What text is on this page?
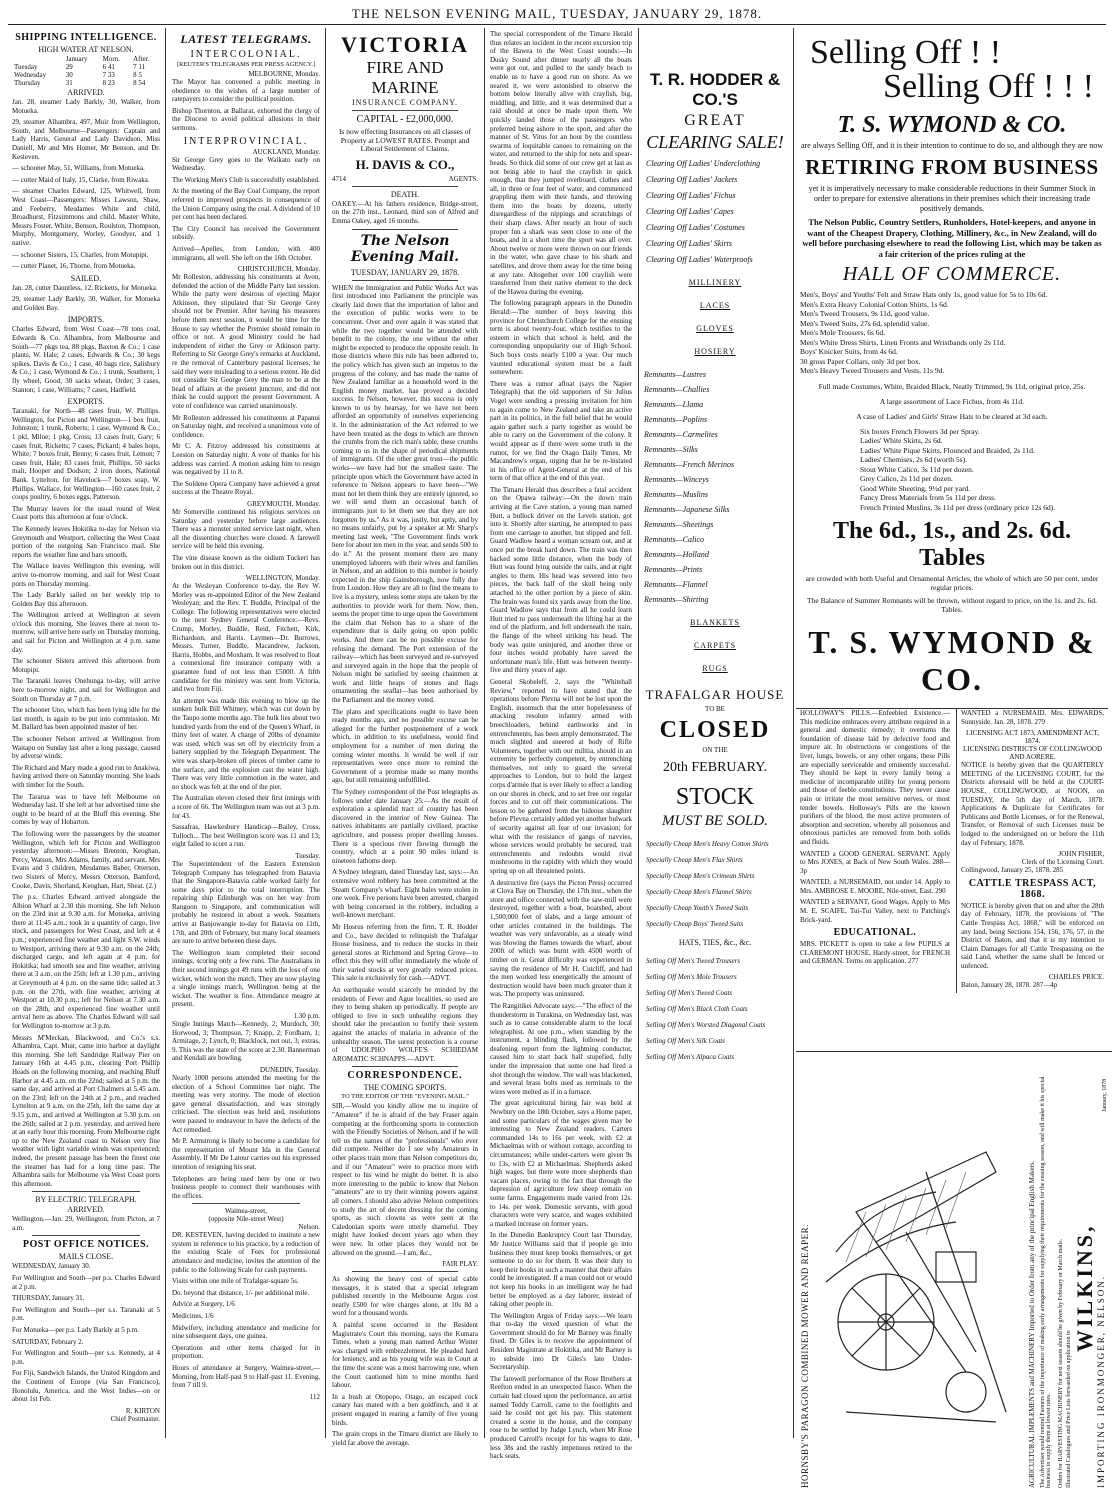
THE NELSON EVENING MAIL, TUESDAY, JANUARY 29, 1878.
SHIPPING INTELLIGENCE.
HIGH WATER AT NELSON.
	January	Morn.	After.
Tuesday	29	6 41	7 11
Wednesday	30	7 33	8 5
Thursday	31	8 23	8 54
ARRIVED.

Jan. 28, steamer Lady Barkly, 30, Walker, from Motueka.

29, steamer Alhambra, 497, Muir from Wellington, South, and Melbourne—Passengers: Captain and Lady Harris, General and Lady Davidson, Miss Daniell, Mr and Mrs Homer, Mr Benson, and Dr. Kesteven.

— schooner May, 51, Williams, from Motueka.

— cutter Maid of Italy, 15, Clarke, from Riwaka.

— steamer Charles Edward, 125, Whitwell, from West Coast—Passengers: Misses Lawson, Shaw, and Feeberry, Mesdames White and child, Broadhurst, Fitzsimmons and child, Master White, Messrs Foster, White, Benson, Roulston, Thompson, Murphy, Montgomery, Worley, Goodyer, and 1 native.

— schooner Sisters, 15, Charles, from Motupipi.

— cutter Planet, 16, Thorne, from Motueka.

SAILED.

Jan. 28, cutter Dauntless, 12, Ricketts, for Motueka.

29, steamer Lady Barkly, 30, Walker, for Motueka and Golden Bay.

IMPORTS.

Charles Edward, from West Coast—78 tons coal, Edwards & Co. Alhambra, from Melbourne and South—77 pkgs tea, 88 pkgs, Baxton & Co.; 1 case plants, W. Hale; 2 cases, Edwards & Co.; 30 kegs spikes, Davis & Co.; 1 case, 40 bags rice, Salisbury & Co.; 1 case, Wymond & Co.; 1 trunk, Southern; 1 fly wheel, Good; 30 sacks wheat, Order; 3 cases, Stanton; 1 case, Williams; 7 cases, Hadfield.

EXPORTS.

Taranaki, for North—48 cases fruit, W. Phillips. Wellington, for Picton and Wellington—1 box fruit, Johnston; 1 trunk, Roberts; 1 case, Wymond & Co.; 1 pkl, Milne; 1 pkg, Cross; 13 cases fruit, Gary; 6 cases fruit, Ricketts; 7 cases, Pickard; 4 bales hops, White; 7 boxes fruit, Benny; 6 cases fruit, Lemon; 7 cases fruit, Hale; 83 cases fruit, Phillips, 50 sacks malt, Hooper and Dodson; 2 iron doors, National Bank. Lyttelton, for Havelock—7 boxes soap, W. Phillips. Wallace, for Wellington—160 cases fruit, 2 coops poultry, 6 boxes eggs, Patterson.

The Murray leaves for the usual round of West Coast ports this afternoon at four o'clock.

The Kennedy leaves Hokitika to-day for Nelson via Greymouth and Westport, collecting the West Coast portion of the outgoing San Francisco mail. She reports the weather fine and bars smooth.

The Wallace leaves Wellington this evening, will arrive to-morrow morning, and sail for West Coast ports on Thursday morning.

The Lady Barkly sailed on her weekly trip to Golden Bay this afternoon.

The Wellington arrived at Wellington at seven o'clock this morning. She leaves there at noon to-morrow, will arrive here early on Thursday morning, and sail for Picton and Wellington at 4 p.m. same day.

The schooner Sisters arrived this afternoon from Motupipi.

The Taranaki leaves Onehunga to-day, will arrive here to-morrow night, and sail for Wellington and South on Thursday at 7 p.m.

The schooner Uno, which has been lying idle for the last month, is again to be put into commission. Mr M. Ballard has been appointed master of her.

The schooner Nelson arrived at Wellington from Waitapu on Sunday last after a long passage, caused by adverse winds.

The Richard and Mary made a good run to Anakiwa, having arrived there on Saturday morning. She loads with timber for the South.

The Tararua was to have left Melbourne on Wednesday last. If she left at her advertised time she ought to be heard of at the Bluff this evening. She comes by way of Hobarton.

The following were the passengers by the steamer Wellington, which left for Picton and Wellington yesterday afternoon:—Misses Brenton, Keoghan, Percy, Watson, Mrs Adams, family, and servant, Mrs Evans and 3 children, Mesdames Baber, Otterson, two Sisters of Mercy, Messrs Otterson, Bamford, Cooke, Davis, Shorland, Keoghan, Hart, Sheat. (2.)

The p.s. Charles Edward arrived alongside the Albion Wharf at 2.30 this morning. She left Nelson on the 23rd inst at 9.30 a.m. for Motueka, arriving there at 11:45 a.m.; took in a quantity of cargo, live stock, and passengers for West Coast, and left at 4 p.m.; experienced fine weather and light S.W. winds to Westport, arriving there at 9.30 a.m. on the 24th; discharged cargo, and left again at 4 p.m. for Hokitika; had smooth sea and fine weather, arriving there at 3 a.m. on the 25th; left at 1.30 p.m., arriving at Greymouth at 4 p.m. on the same tide; sailed at 3 p.m. on the 27th, with fine weather, arriving at Westport at 10.30 p.m.; left for Nelson at 7.30 a.m. on the 28th, and experienced fine weather until arrival here as above. The Charles Edward will sail for Wellington to-morrow at 3 p.m.

Messrs M'Meckan, Blackwood, and Co.'s s.s. Alhambra, Capt. Muir, came into harbor at daylight this morning. She left Sandridge Railway Pier on January 16th at 4.45 p.m., clearing Port Phillip Heads on the following morning, and reaching Bluff Harbor at 4.45 a.m. on the 22nd; sailed at 5 p.m. the same day, and arrived at Port Chalmers at 5.45 a.m. on the 23rd; left on the 24th at 2 p.m., and reached Lyttelton at 9 a.m. on the 25th, left the same day at 9.15 p.m., and arrived at Wellington at 5.30 p.m. on the 26th; sailed at 2 p.m. yesterday, and arrived here at an early hour this morning. From Melbourne right up to the New Zealand coast to Nelson very fine weather with light variable winds was experienced; indeed, the present passage has been the finest one the steamer has had for a long time past. The Alhambra sails for Melbourne via West Coast ports this afternoon.

BY ELECTRIC TELEGRAPH.
ARRIVED.

Wellington.—Jan. 29, Wellington, from Picton, at 7 a.m.

POST OFFICE NOTICES.
MAILS CLOSE.

WEDNESDAY, January 30.

For Wellington and South—per p.s. Charles Edward at 2 p.m.

THURSDAY, January 31.

For Wellington and South—per s.s. Taranaki at 5 p.m.

For Motueka—per p.s. Lady Barkly at 5 p.m.

SATURDAY, February 2.

For Wellington and South—per s.s. Kennedy, at 4 p.m.

For Fiji, Sandwich Islands, the United Kingdom and the Continent of Europe (via San Francisco), Honolulu, America, and the West Indies—on or about 1st Feb.

R. KIRTON
Chief Postmaster.
LATEST TELEGRAMS.
INTERCOLONIAL.
[REUTER'S TELEGRAMS PER PRESS AGENCY.]
MELBOURNE, Monday.

The Mayor has convened a public meeting in obedience to the wishes of a large number of ratepayers to consider the political position.

Bishop Thornton, at Ballarat, exhorted the clergy of the Diocese to avoid political allusions in their sermons.

INTERPROVINCIAL.
AUCKLAND, Monday.

Sir George Grey goes to the Waikato early on Wednesday.

The Working Men's Club is successfully established.

At the meeting of the Bay Coal Company, the report referred to improved prospects in consequence of the Union Company using the coal. A dividend of 10 per cent has been declared.

The City Council has received the Government subsidy.

Arrived—Apelles, from London, with 400 immigrants, all well. She left on the 16th October.

CHRISTCHURCH, Monday.

Mr Rolleston, addressing his constituents at Avon, defended the action of the Middle Party last session. While the party were desirous of ejecting Major Atkinson, they stipulated that Sir George Grey should not be Premier. After having his measures before them next session, it would be time for the House to say whether the Premier should remain in office or not. A good Ministry could be had independent of either the Grey or Atkinson party. Referring to Sir George Grey's remarks at Auckland, re the removal of Canterbury pastoral licenses, he said they were misleading to a serious extent. He did not consider Sir George Grey the man to be at the head of affairs at the present juncture, and did not think he could support the present Government. A vote of confidence was carried unanimously.

Mr Rolleston addressed his constituents at Papanui on Saturday night, and received a unanimous vote of confidence.

Mr C. A. Fitzroy addressed his constituents at Leeston on Saturday night. A vote of thanks for his address was carried. A motion asking him to resign was negatived by 11 to 8.

The Soldene Opera Company have achieved a great success at the Theatre Royal.

GREYMOUTH, Monday.

Mr Somerville continued his religious services on Saturday and yesterday before large audiences. There was a monster united service last night, when all the dissenting churches were closed. A farewell service will be held this evening.

The vine disease known as the oidium Tuckeri has broken out in this district.

WELLINGTON, Monday.

At the Wesleyan Conference to-day, the Rev W. Morley was re-appointed Editor of the New Zealand Wesleyan; and the Rev. T. Buddle, Principal of the College. The following representatives were elected to the next Sydney General Conference:—Revs. Crump, Morley, Buddle, Reid, Fitchett, Kirk, Richardson, and Harris. Laymen—Dr. Burrows, Messrs. Turner, Buddle, Macandrew, Jackson, Harris, Hobbs, and Moxham. It was resolved to float a connexional fire insurance company with a guarantee fund of not less than £5000. A fifth candidate for the ministry was sent from Victoria, and two from Fiji.

An attempt was made this evening to blow up the sunken hulk Bill Whitney, which was cut down by the Taupo some months ago. The hulk lies about two hundred yards from the end of the Queen's Wharf, in thirty feet of water. A charge of 20lbs of dynamite was used, which was set off by electricity from a battery supplied by the Telegraph Department. The wire was sharp-broken off pieces of timber came to the surface, and the explosion cast the water high. There was very little commotion in the water, and no shock was felt at the end of the pier.

The Australian eleven closed their first innings with a score of 66. The Wellington team was out at 3 p.m. for 43.

Sassafras, Hawkesbury Handicap—Bailey, Cross, Tulloch... The best Wellington score was 11 and 13; eight failed to score a run.

Tuesday.

The Superintendent of the Eastern Extension Telegraph Company has telegraphed from Batavia that the Singapore-Batavia cable worked fairly for some days prior to the total interruption. The repairing ship Edinburgh was on her way from Rangoon to Singapore, and communication will probably be restored in about a week. Steamers arrive at Banjowangie to-day for Batavia on 11th, 17th, and 20th of February, but many local steamers are sure to arrive between these days.

The Wellington team completed their second innings, scoring only a few runs. The Australians in their second innings got 49 runs with the loss of one wicket, which won the match. They are now playing a single innings match, Wellington being at the wicket. The weather is fine. Attendance meagre at present.

1.30 p.m.

Single Innings Match—Kennedy, 2; Murdoch, 30; Horwood, 3; Thompson, 7; Knapp, 2; Fordham, 1; Armitage, 2; Lynch, 0; Blacklock, not out, 3; extras, 9. This was the state of the score at 2.30. Bannerman and Kendall are bowling.

DUNEDIN, Tuesday.

Nearly 1000 persons attended the meeting for the election of a School Committee last night. The meeting was very stormy. The mode of election gave general dissatisfaction, and was strongly criticised. The election was held and, resolutions were passed to endeavour to have the defects of the Act remedied.

Mr P. Armstrong is likely to become a candidate for the representation of Mount Ida in the General Assembly. If Mr De Latour carries out his expressed intention of resigning his seat.

Telephones are being used here by one or two business people to connect their warehouses with the offices.

Waimea-street,
(opposite Nile-street West)
Nelson.

DR. KESTEVEN, having decided to institute a new system in reference to his practice, by a reduction of the existing Scale of Fees for professional attendance and medicine, invites the attention of the public to the following Scale for cash payments.

Visits within one mile of Trafalgar-square 5s.

Do. beyond that distance, 1/- per additional mile.

Advice at Surgery, 1/6

Medicines, 1/6

Midwifery, including attendance and medicine for nine subsequent days, one guinea.

Operations and other items charged for in proportion.

Hours of attendance at Surgery, Waimea-street,—Morning, from Half-past 9 to Half-past 11. Evening, from 7 till 9.

112
VICTORIA
FIRE AND MARINE
INSURANCE COMPANY.
CAPITAL - £2,000,000.

Is now effecting Insurances on all classes of Property at LOWEST RATES. Prompt and Liberal Settlement of Claims.

H. DAVIS & CO.,
4714	AGENTS.
DEATH.

OAKEY.—At his fathers residence, Bridge-street, on the 27th inst., Leonard, third son of Alfred and Emma Oakey, aged 16 months.

The Nelson Evening Mail.
TUESDAY, JANUARY 29, 1878.

WHEN the Immigration and Public Works Act was first introduced into Parliament the principle was clearly laid down that the importation of labor and the execution of public works were to be concurrent. Over and over again it was stated that while the two together would be attended with benefit to the colony, the one without the other might be expected to produce the opposite result. In those districts where this rule has been adhered to, the policy which has given such an impetus to the progress of the colony, and has made the name of New Zealand familiar as a household word in the English money market, has proved a decided success. In Nelson, however, this success is only known to us by hearsay, for we have not been afforded an opportunity of ourselves experiencing it. In the administration of the Act referred to we have been treated as the dogs to which are thrown the crumbs from the rich man's table, these crumbs coming to us in the shape of periodical shipments of immigrants. Of the other great trust—the public works—we have had but the smallest taste. The principle upon which the Government have acted in reference to Nelson appears to have been—"We must not let them think they are entirely ignored, so we will send them an occasional batch of immigrants just to let them see that they are not forgotten by us." As it was, justly, but aptly, and by no means unfairly, put by a speaker at Mr Sharp's meeting last week, "The Government finds work here for about ten men in the year, and sends 500 to do it." At the present moment there are many unemployed laborers with their wives and families in Nelson, and an addition to this number is hourly expected in the ship Gainsborough, now fully due from London. How they are all to find the means to live is a mystery, unless some steps are taken by the authorities to provide work for them. Now, then, seems the proper time to urge upon the Government the claim that Nelson has to a share of the expenditure that is daily going on upon public works. And there can be no possible excuse for refusing the demand. The Port extension of the railway—which has been surveyed and re-surveyed and surveyed again in the hope that the people of Nelson might be satisfied by seeing chainmen at work and little heaps of stones and flags ornamenting the seaflat—has been authorised by the Parliament and the money voted.

The plans and specifications ought to have been ready months ago, and no possible excuse can be alleged for the further postponement of a work which, in addition to its usefulness, would find employment for a number of men during the coming winter months. It would be well if our representatives were once more to remind the Government of a promise made so many months ago, but still remaining unfulfilled.

The Sydney correspondent of the Post telegraphs as follows under date January 25:—As the result of exploration a splendid tract of country has been discovered in the interior of New Guinea. The natives inhabitants are partially civilised, practise agriculture, and possess proper dwelling houses. There is a specious river flowing through the country, which at a point 90 miles inland is nineteen fathoms deep.

A Sydney telegram, dated Thursday last, says:—An extensive wool robbery has been committed at the Steam Company's wharf. Eight bales were stolen in one week. Five persons have been arrested, charged with being concerned in the robbery, including a well-known merchant.

Mr Hosrus referring from the firm, T. R. Hodder and Co., have decided to relinquish the Trafalgar House business, and to reduce the stocks in their general stores at Richmond and Spring Grove—to effect this they will offer immediately the whole of their varied stocks at very greatly reduced prices. This sale is exclusively for cash.—ADVT.

An earthquake would scarcely be minded by the residents of Fever and Ague localities, so used are they to being shaken up periodically. If people are obliged to live in such unhealthy regions they should take the precaution to fortify their system against the attacks of malaria in advance of the unhealthy season. The surest protection is a course of UDOLPHO WOLFE'S SCHIEDAM AROMATIC SCHNAPPS.—ADVT.

CORRESPONDENCE.
THE COMING SPORTS.
TO THE EDITOR OF THE "EVENING MAIL."

SIR,—Would you kindly allow me to inquire of "Amateur" if he is afraid of the bay Fraser again competing at the forthcoming sports in connection with the Friendly Societies of Nelson, and if he will tell us the names of the "professionals" who ever did compete. Neither do I see why Amateurs in other places train more than Nelson competitors do, and if our "Amateur" were to practice more with respect to his wind he might do better. It is also more interesting to the public to know that Nelson "amateurs" are to try their winning powers against all comers. I should also advise Nelson competitors to study the art of decent dressing for the coming sports, as such clowns as were seen at the Caledonian sports were utterly shameful. They might have looked decent years ago when they were new. In other places they would not be allowed on the ground.—I am, &c.,

FAIR PLAY.

As showing the heavy cost of special cable messages, it is stated that a special telegram published recently in the Melbourne Argus cost nearly £500 for wire charges alone, at 10s 8d a word for a thousand words.

A painful scene occurred in the Resident Magistrate's Court this morning, says the Kumara Times, when a young man named Arthur Winter was charged with embezzlement. He pleaded hard for leniency, and as his young wife was in Court at the time the scene was a most harrowing one, when the Court cautioned him to mine months hard labour.

In a bush at Otopopo, Otago, an escaped cock canary has mated with a hen goldfinch, and it at present engaged in rearing a family of five young birds.

The grain crops in the Timaru district are likely to yield far above the average.

The special correspondent of the Timaru Herald thus relates an incident in the recent excursion trip of the Hawea to the West Coast sounds:—In Dusky Sound after dinner nearly all the boats were got out, and pulled to the sandy beach to enable us to have a good run on shore. As we neared it, we were astonished to observe the bottom below literally alive with crayfish, big, middling, and little, and it was determined that a raid should at once be made upon them. We quickly landed those of the passengers who preferred being ashore to the sport, and after the manner of St. Vitus for an hour by the countless swarms of loquitable canoes to remaining on the water, and returned to the ship for nets and spear-heads. So thick did some of our crew get at last as not being able to haul the crayfish in quick enough, that they jumped overboard, clothes and all, in three or four feet of water, and commenced grappling them with their hands, and throwing them into the boats by dozens, utterly disregardless of the nippings and scratchings of their sharp claws. After nearly an hour of such proper fun a shark was seen close to one of the boats, and in a short time the sport was all over. About twelve or more were thrown on our friends in the water, who gave chase to his shark and satellites, and drove them away for the time being at any rate. Altogether over 100 crayfish were transferred from their native element to the deck of the Hawea during the evening.

The following paragraph appears in the Dunedin Herald:—The number of boys leaving this province for Christchurch College for the ensuing term is about twenty-four, which testifies to the esteem in which that school is held, and the corresponding unpopularity our of High School. Such boys costs nearly £100 a year. Our much vaunted educational system must be a fault somewhere.

There was a rumor afloat (says the Napier Telegraph) that the old supporters of Sir Julius Vogel were sending a pressing invitation for him to again come to New Zealand and take an active part in its politics, in the full belief that he would again gather such a party together as would be able to carry on the Government of the colony. It would appear as if there were some truth in the rumor, for we find the Otago Daily Times, Mr Macandrew's organ, urging that he be re-instated in his office of Agent-General at the end of his term of that office at the end of this year.

The Timaru Herald thus describes a fatal accident on the Opawa railway:—On the down train arriving at the Cave station, a young man named Hutt, a bullock driver on the Levels station, got into it. Shortly after starting, he attempted to pass from one carriage to another, but slipped and fell. Guard Wadlow heard a woman scream out, and at once put the break hard down. The train was then backed some little distance, when the body of Hutt was found lying outside the rails, and at right angles to them. His head was severed into two pieces, the back half of the skull being only attached to the other portion by a piece of skin. The brain was found six yards away from the line. Guard Wadlow says that from all he could learn Hutt tried to pass underneath the lifting bar at the end of the platform, and fell underneath the train, the flange of the wheel striking his head. The body was quite uninjured, and another three or four inches would probably have saved the unfortunate man's life. Hutt was between twenty-five and thirty years of age.

General Skobeleff, 2, says the "Whitehall Review," reported to have stated that the operations before Plevna will not be lost upon the English, insomuch that the utter hopelessness of attacking resolute infantry armed with breechloaders, behind earthworks and in entrenchments, has been amply demonstrated. The much slighted and sneered at body of Rifle Volunteers, together with our militia, should in an extremity be perfectly competent, by entrenching themselves, not only to guard the several approaches to London, but to hold the largest corps d'armée that is ever likely to effect a landing on our shores in check, and to set free our regular forces and to cut off their communications. The lesson to be gathered from the hideous slaughter before Plevna certainly added yet another bulwark of security against all fear of our invasion; for what with the resistance of gangs of navvies, whose services would probably be secured, trait entrenchments and redoubts would rival mushrooms in the rapidity with which they would spring up on all threatened points.

A destructive fire (says the Picton Press) occurred at Clova Bay on Thursday, the 17th inst., when the store and office connected with the saw-mill were destroyed, together with a boat, boatshed, about 1,500,000 feet of slabs, and a large amount of other articles contained in the buildings. The weather was very unfavorable, as a steady wind was blowing the flames towards the wharf, about 200ft of which was burnt with 4500 worth of timber on it. Great difficulty was experienced in saving the residence of Mr H. Cutcliff, and had the men worked less energetically the amount of destruction would have been much greater than it was. The property was uninsured.

The Rangitikei Advocate says:—"The effect of the thunderstorm in Turakina, on Wednesday last, was such as to cause considerable alarm to the local telegraphist. At one p.m., when standing by the instrument, a blinding flash, followed by the deafening report from the lightning conductor, caused him to start back half stupefied, fully under the impression that some one had fired a shot through the window. The wall was blackened, and several brass bolts used as terminals to the wires were melted as if in a furnace.

The great agricultural hiring fair was held at Newbury on the 18th October, says a Home paper, and some particulars of the wages given may be interesting to New Zealand readers. Carters commanded 14s to 16s per week, with £2 at Michaelmas with or without cottage, according to circumstances; while under-carters were given 9s to 13s, with £2 at Michaelmas. Shepherds asked high wages, but there were more shepherds than vacant places, owing to the fact that through the depression of agriculture few sheep remain on some farms. Engagements made varied from 12s. to 14s. per week. Domestic servants, with good characters were very scarce, and wages exhibited a marked increase on former years.

In the Dunedin Bankruptcy Court last Thursday, Mr Justice Williams said that if people go into business they must keep books themselves, or get someone to do so for them. It was their duty to keep their books in such a manner that their affairs could be investigated. If a man could not or would not keep his books in an intelligent way he had better be employed as a day laborer, instead of taking other people in.

The Wellington Argus of Friday says:—We learn that to-day the vexed question of what the Government should do for Mr Barney was finally fixed. Dr Giles is to receive the appointment of Resident Magistrate at Hokitika, and Mr Barney is to subside into Dr Giles's late Under-Secretaryship.

The farewell performance of the Rose Brothers at Reefton ended in an unexpected fiasco. When the curtain had closed upon the performance, an artist named Teddy Carroll, came to the footlights and said he could not get his pay. This statement created a scene in the house, and the company rose to be settled by Judge Lynch, when Mr Rose produced Carroll's receipt for his wages to date, less 38s and the rashly impetuous retired to the back seats.

T. R. HODDER & CO.'S
GREAT
CLEARING SALE!
Clearing Off Ladies' Underclothing
Clearing Off Ladies' Jackets
Clearing Off Ladies' Fichus
Clearing Off Ladies' Capes
Clearing Off Ladies' Costumes
Clearing Off Ladies' Skirts
Clearing Off Ladies' Waterproofs
MILLINERY
LACES
GLOVES
HOSIERY
Remnants—Lustres
Remnants—Challies
Remnants—Llama
Remnants—Poplins
Remnants—Carmelites
Remnants—Silks
Remnants—French Merinos
Remnants—Winceys
Remnants—Muslins
Remnants—Japanese Silks
Remnants—Sheetings
Remnants—Calico
Remnants—Holland
Remnants—Prints
Remnants—Flannel
Remnants—Shirting
BLANKETS
CARPETS
RUGS
TRAFALGAR HOUSE
TO BE
CLOSED
ON THE
20th FEBRUARY.
STOCK
MUST BE SOLD.
Specially Cheap Men's Heavy Cotton Shirts
Specially Cheap Men's Flax Shirts
Specially Cheap Men's Crimean Shirts
Specially Cheap Men's Flannel Shirts
Specially Cheap Youth's Tweed Suits
Specially Cheap Boys' Tweed Suits
HATS, TIES, &c., &c.
Selling Off Men's Tweed Trousers
Selling Off Men's Mole Trousers
Selling Off Men's Tweed Coats
Selling Off Men's Black Cloth Coats
Selling Off Men's Worsted Diagonal Coats
Selling Off Men's Silk Coats
Selling Off Men's Alpaca Coats
Selling Off ! !
Selling Off ! ! !
T. S. WYMOND & CO.

are always Selling Off, and it is their intention to continue to do so, and although they are now

RETIRING FROM BUSINESS

yet it is imperatively necessary to make considerable reductions in their Summer Stock in order to prepare for extensive alterations in their premises which their increasing trade positively demands.

The Nelson Public, Country Settlers, Runholders, Hotel-keepers, and anyone in want of the Cheapest Drapery, Clothing, Millinery, &c., in New Zealand, will do well before purchasing elsewhere to read the following List, which may be taken as a fair criterion of the prices ruling at the

HALL OF COMMERCE.
Men's, Boys' and Youths' Felt and Straw Hats only 1s, good value for 5s to 10s 6d.
Men's Extra Heavy Colonial Cotton Shirts, 1s 6d.
Men's Tweed Trousers, 9s 11d, good value.
Men's Tweed Suits, 27s 6d, splendid value.
Men's Mole Trousers, 6s 6d.
Men's White Dress Shirts, Linen Fronts and Wristbands only 2s 11d.
Boys' Knicker Suits, from 4s 6d.
30 gross Paper Collars, only 3d per box.
Men's Heavy Tweed Trousers and Vests, 11s 9d.
Full made Costumes, White, Braided Black, Neatly Trimmed, 9s 11d, original price, 25s.
A large assortment of Lace Fichus, from 4s 11d.
A case of Ladies' and Girls' Straw Hats to be cleared at 3d each.
Six boxes French Flowers 3d per Spray.
Ladies' White Skirts, 2s 6d.
Ladies' White Pique Skirts, Flounced and Braided, 2s 11d.
Ladies' Chemises, 2s 6d (worth 5s).
Stout White Calico, 3s 11d per dozen.
Grey Calico, 2s 11d per dozen.
Good White Sheeting, 9½d per yard.
Fancy Dress Materials from 5s 11d per dress.
French Printed Muslins, 3s 11d per dress (ordinary price 12s 6d).
The 6d., 1s., and 2s. 6d. Tables
are crowded with both Useful and Ornamental Articles, the whole of which are 50 per cent. under regular prices.
The Balance of Summer Remnants will be thrown, without regard to price, on the 1s. and 2s. 6d. Tables.
T. S. WYMOND & CO.

HOLLOWAY'S PILLS.—Enfeebled Existence.—This medicine embraces every attribute required in a general and domestic remedy; it overturns the foundation of disease laid by defective food and impure air. In obstructions or congestions of the liver, lungs, bowels, or any other organs, these Pills are especially serviceable and eminently successful. They should be kept in every family being a medicine of incomparable utility for young persons and those of feeble constitutions. They never cause pain or irritate the most sensitive nerves, or most tender bowels. Holloway's Pills are the known purifiers of the blood, the most active promoters of absorption and secretion, whereby all poisonous and obnoxious particles are removed from both solids and fluids.

WANTED a GOOD GENERAL SERVANT. Apply to Mrs JONES, at Back of New South Wales. 288—3p

WANTED, a NURSEMAID, not under 14. Apply to Mrs. AMBROSE E. MOORE, Nile-street, East. 290

WANTED a SERVANT, Good Wages. Apply to Mrs M. E. SCAIFE, Tui-Tui Valley, next to Patching's Brick-yard.

EDUCATIONAL.

MRS. PICKETT is open to take a few PUPILS at CLAREMONT HOUSE, Hardy-street, for FRENCH and GERMAN. Terms on application. 277

WANTED a NURSEMAID. Mrs. EDWARDS, Sunnyside. Jan. 28, 1878. 279

LICENSING ACT 1873, AMENDMENT ACT, 1874.
LICENSING DISTRICTS OF COLLINGWOOD AND AORERE.

NOTICE is hereby given that the QUARTERLY MEETING of the LICENSING COURT, for the Districts aforesaid will be held at the COURT-HOUSE, COLLINGWOOD, at NOON, on TUESDAY, the 5th day of March, 1878. Applications & Duplicate for Certificates for Publicans and Bottle Licenses, or for the Renewal, Transfer, or Removal of such Licenses must be lodged to the undersigned on or before the 11th day of February, 1878.

JOHN FISHER,
Clerk of the Licensing Court.

Collingwood, January 25, 1878. 285

CATTLE TRESPASS ACT, 1868.

NOTICE is hereby given that on and after the 28th day of February, 1878, the provisions of "The Cattle Trespass Act, 1868," will be enforced on any land, being Sections 154, 156, 176, 57, in the District of Baton, and that it is my intention to Claim Damages for all Cattle Trespassing on the said Land, whether the same shall be fenced or unfenced.

CHARLES PRICE.

Baton, January 28, 1878. 287—4p

HORNSBY'S PARAGON COMBINED MOWER AND REAPER.	AGRICULTURAL IMPLEMENTS and MACHINERY Imported to Order from any of the principal English Makers. The Advertiser would remind Farmers of the importance of making early arrangements for supplying their requirements for the ensuing season, and will make it his special business to supply them at lowest rates. Orders for HARVESTING MACHINERY for next season should be given by February or March mails. Illustrated Catalogues and Price Lists forwarded on application to
WILKINS, IMPORTING IRONMONGER, NELSON.
January, 1878
